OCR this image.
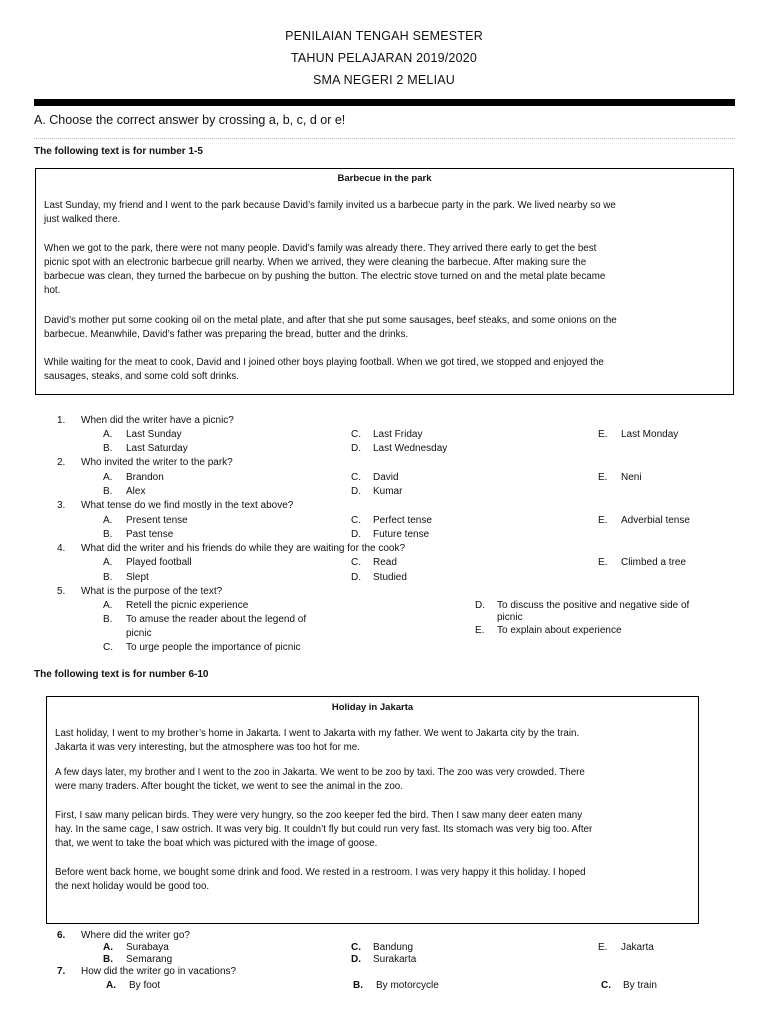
PENILAIAN TENGAH SEMESTER
TAHUN PELAJARAN 2019/2020
SMA NEGERI 2 MELIAU
A. Choose the correct answer by crossing a, b, c, d or e!
The following text is for number 1-5
Barbecue in the park
Last Sunday, my friend and I went to the park because David’s family invited us a barbecue party in the park. We lived nearby so we
just walked there.
When we got to the park, there were not many people. David’s family was already there. They arrived there early to get the best
picnic spot with an electronic barbecue grill nearby. When we arrived, they were cleaning the barbecue. After making sure the
barbecue was clean, they turned the barbecue on by pushing the button. The electric stove turned on and the metal plate became
hot.
David’s mother put some cooking oil on the metal plate, and after that she put some sausages, beef steaks, and some onions on the
barbecue. Meanwhile, David’s father was preparing the bread, butter and the drinks.
While waiting for the meat to cook, David and I joined other boys playing football. When we got tired, we stopped and enjoyed the
sausages, steaks, and some cold soft drinks.
1. When did the writer have a picnic?
A. Last Sunday
B. Last Saturday
C. Last Friday
D. Last Wednesday
E. Last Monday
2. Who invited the writer to the park?
A. Brandon
B. Alex
C. David
D. Kumar
E. Neni
3. What tense do we find mostly in the text above?
A. Present tense
B. Past tense
C. Perfect tense
D. Future tense
E. Adverbial tense
4. What did the writer and his friends do while they are waiting for the cook?
A. Played football
B. Slept
C. Read
D. Studied
E. Climbed a tree
5. What is the purpose of the text?
A. Retell the picnic experience
B. To amuse the reader about the legend of
picnic
C. To urge people the importance of picnic
D. To discuss the positive and negative side of
picnic
E. To explain about experience
The following text is for number 6-10
Holiday in Jakarta
Last holiday, I went to my brother’s home in Jakarta. I went to Jakarta with my father. We went to Jakarta city by the train.
Jakarta it was very interesting, but the atmosphere was too hot for me.
A few days later, my brother and I went to the zoo in Jakarta. We went to be zoo by taxi. The zoo was very crowded. There
were many traders. After bought the ticket, we went to see the animal in the zoo.
First, I saw many pelican birds. They were very hungry, so the zoo keeper fed the bird. Then I saw many deer eaten many
hay. In the same cage, I saw ostrich. It was very big. It couldn’t fly but could run very fast. Its stomach was very big too. After
that, we went to take the boat which was pictured with the image of goose.
Before went back home, we bought some drink and food. We rested in a restroom. I was very happy it this holiday. I hoped
the next holiday would be good too.
6. Where did the writer go?
A. Surabaya
B. Semarang
C. Bandung
D. Surakarta
E. Jakarta
7. How did the writer go in vacations?
A. By foot	B. By motorcycle	C. By train
